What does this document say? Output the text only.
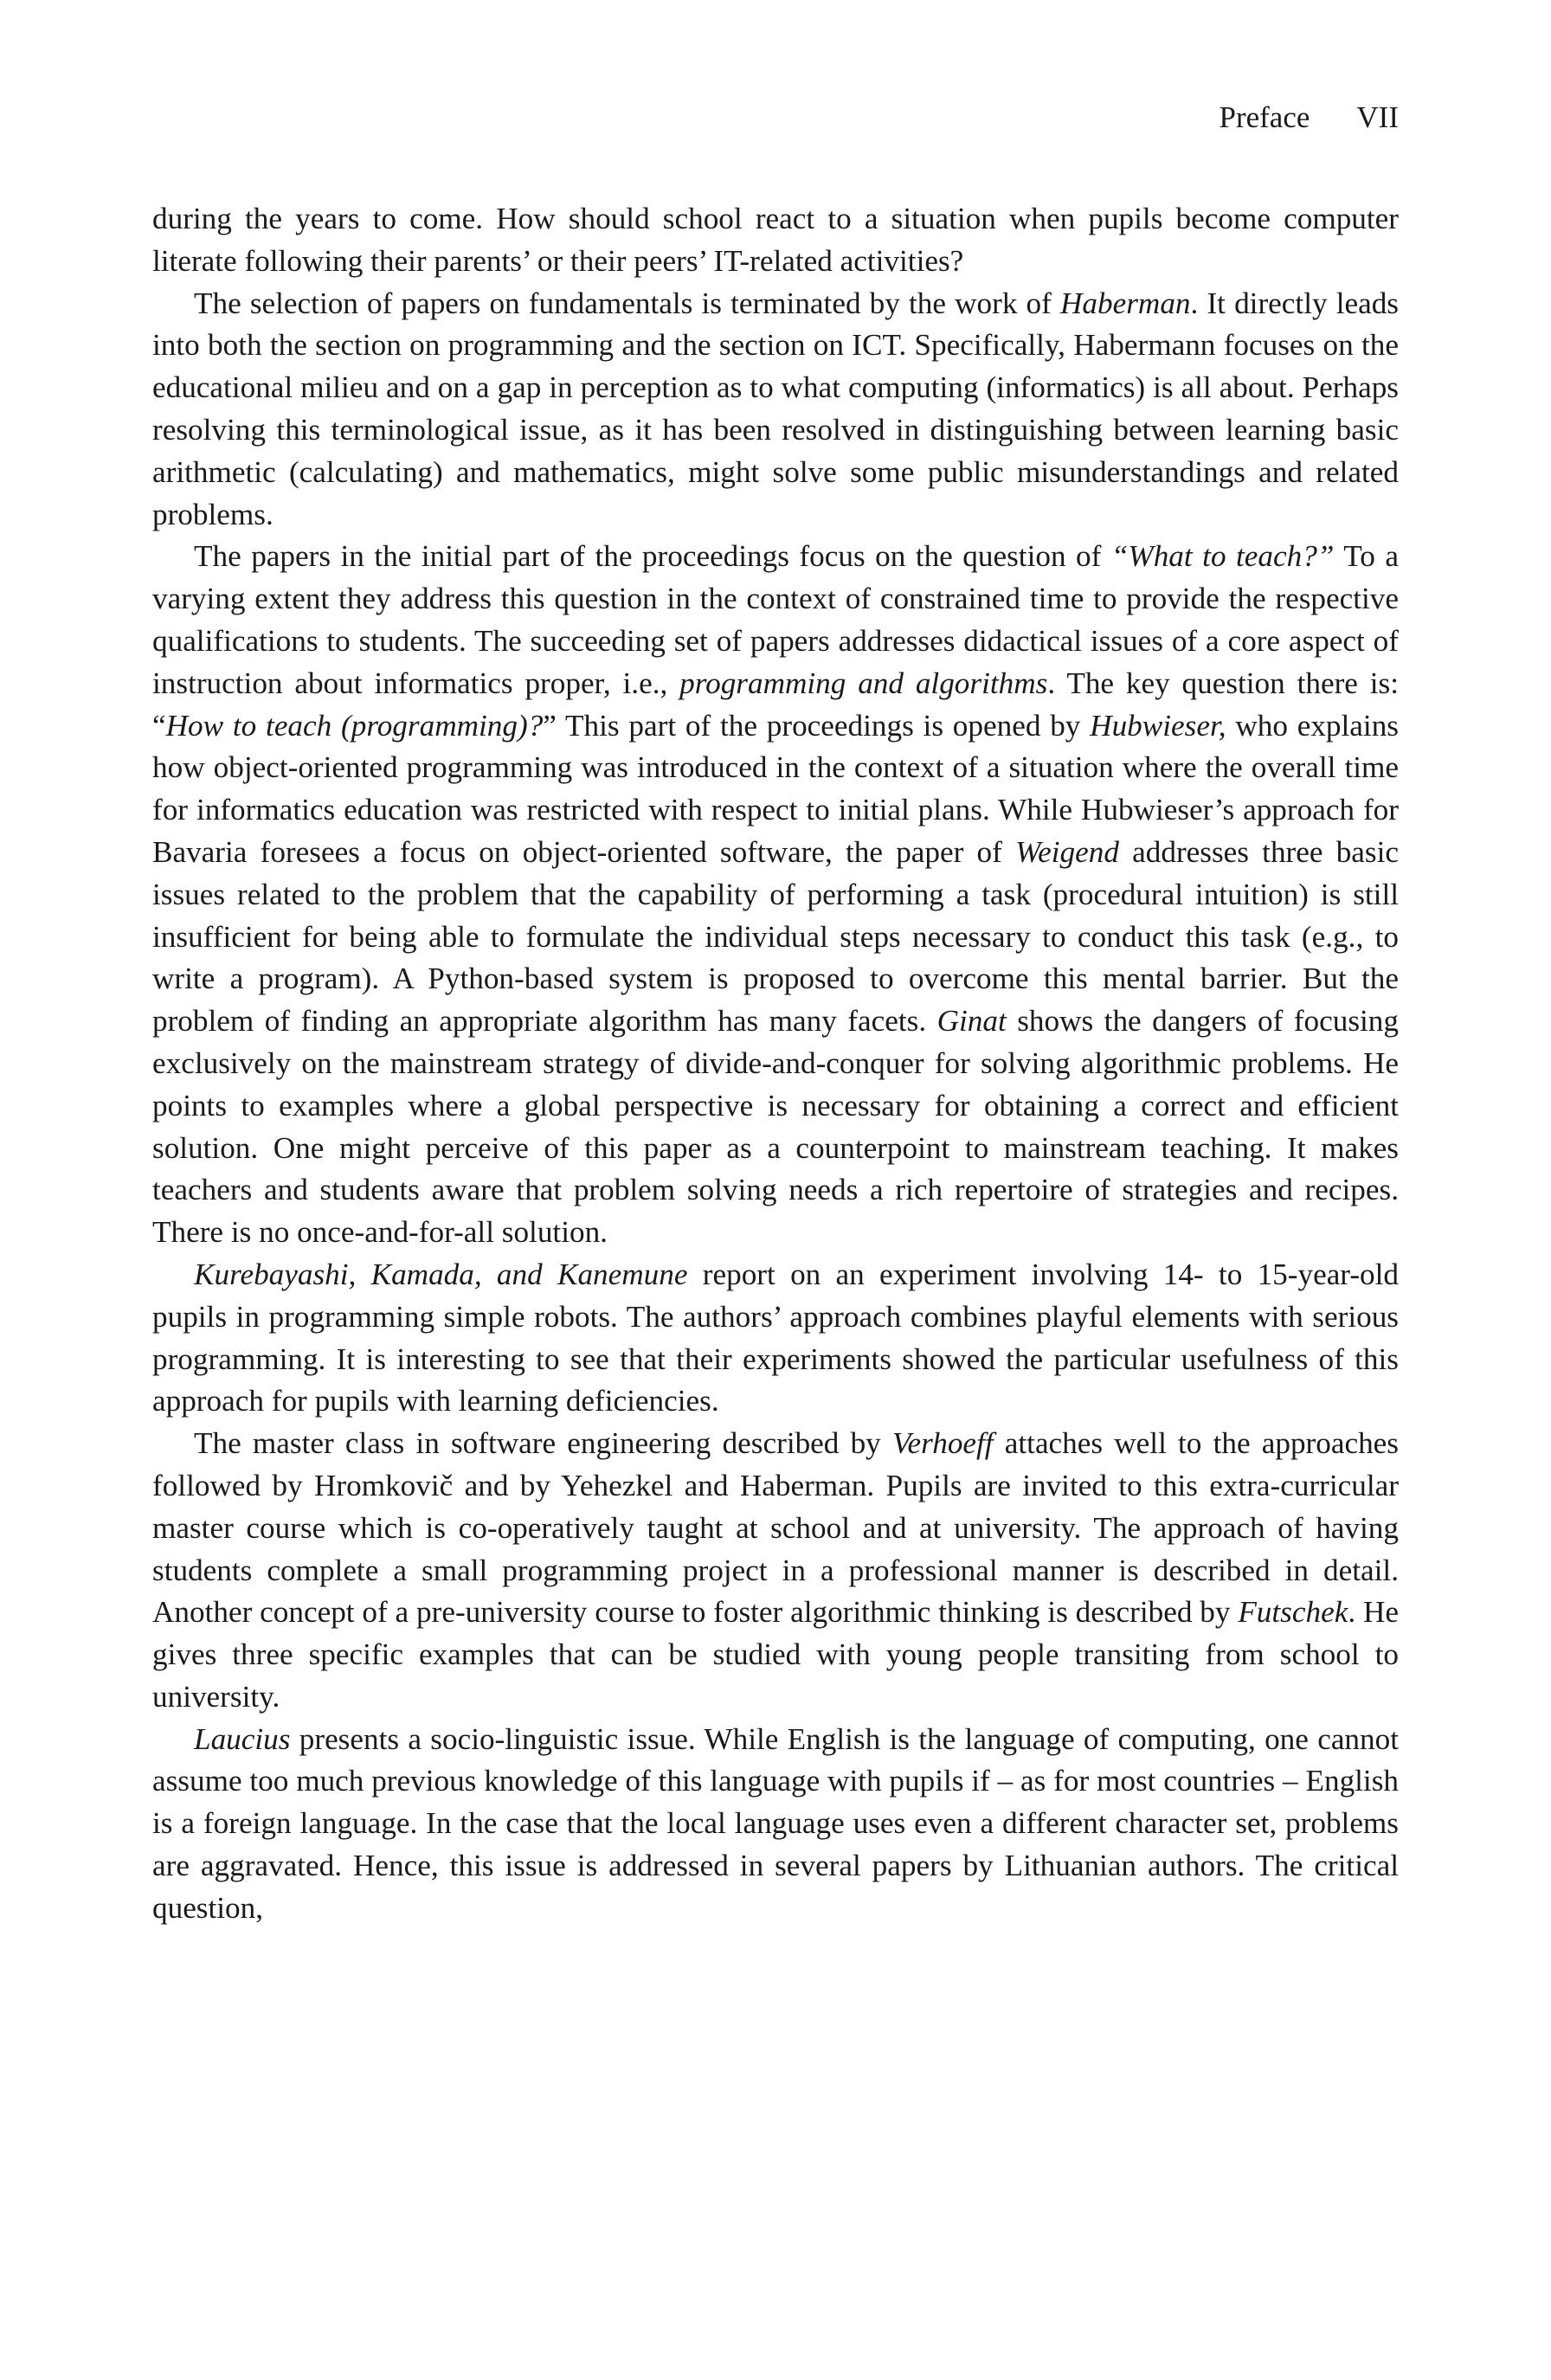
Preface VII

during the years to come. How should school react to a situation when pupils become computer literate following their parents’ or their peers’ IT-related activities?

The selection of papers on fundamentals is terminated by the work of Haberman. It directly leads into both the section on programming and the section on ICT. Specifically, Habermann focuses on the educational milieu and on a gap in perception as to what computing (informatics) is all about. Perhaps resolving this terminological issue, as it has been resolved in distinguishing between learning basic arithmetic (calculating) and mathematics, might solve some public misunderstandings and related problems.

The papers in the initial part of the proceedings focus on the question of “What to teach?” To a varying extent they address this question in the context of constrained time to provide the respective qualifications to students. The succeeding set of papers addresses didactical issues of a core aspect of instruction about informatics proper, i.e., programming and algorithms. The key question there is: “How to teach (programming)?” This part of the proceedings is opened by Hubwieser, who explains how object-oriented programming was introduced in the context of a situation where the overall time for informatics education was restricted with respect to initial plans. While Hubwieser’s approach for Bavaria foresees a focus on object-oriented software, the paper of Weigend addresses three basic issues related to the problem that the capability of performing a task (procedural intuition) is still insufficient for being able to formulate the individual steps necessary to conduct this task (e.g., to write a program). A Python-based system is proposed to overcome this mental barrier. But the problem of finding an appropriate algorithm has many facets. Ginat shows the dangers of focusing exclusively on the mainstream strategy of divide-and-conquer for solving algorithmic problems. He points to examples where a global perspective is necessary for obtaining a correct and efficient solution. One might perceive of this paper as a counterpoint to mainstream teaching. It makes teachers and students aware that problem solving needs a rich repertoire of strategies and recipes. There is no once-and-for-all solution.

Kurebayashi, Kamada, and Kanemune report on an experiment involving 14- to 15-year-old pupils in programming simple robots. The authors’ approach combines playful elements with serious programming. It is interesting to see that their experiments showed the particular usefulness of this approach for pupils with learning deficiencies.

The master class in software engineering described by Verhoeff attaches well to the approaches followed by Hromkovič and by Yehezkel and Haberman. Pupils are invited to this extra-curricular master course which is co-operatively taught at school and at university. The approach of having students complete a small programming project in a professional manner is described in detail. Another concept of a pre-university course to foster algorithmic thinking is described by Futschek. He gives three specific examples that can be studied with young people transiting from school to university.

Laucius presents a socio-linguistic issue. While English is the language of computing, one cannot assume too much previous knowledge of this language with pupils if – as for most countries – English is a foreign language. In the case that the local language uses even a different character set, problems are aggravated. Hence, this issue is addressed in several papers by Lithuanian authors. The critical question,
